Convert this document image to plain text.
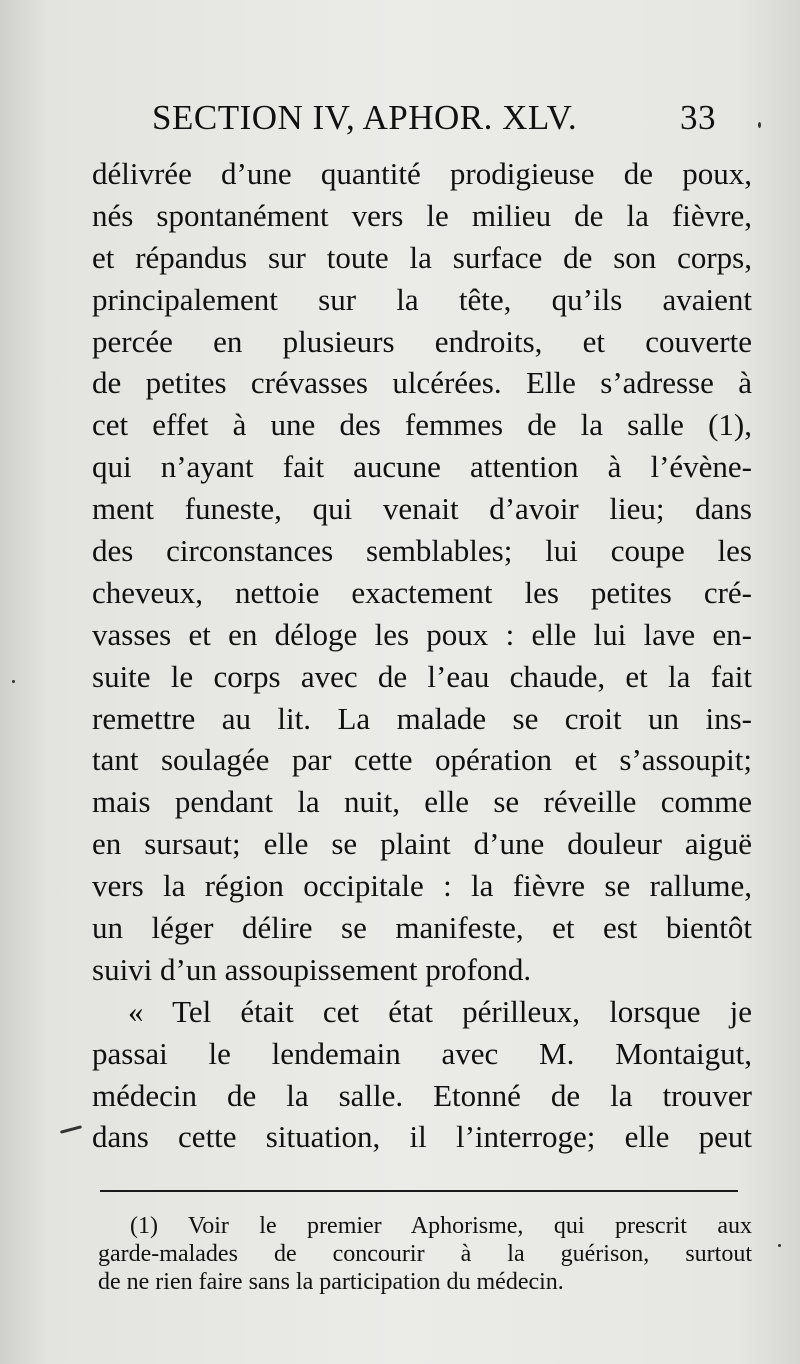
SECTION IV, APHOR. XLV.	33
délivrée d’une quantité prodigieuse de poux,
nés spontanément vers le milieu de la fièvre,
et répandus sur toute la surface de son corps,
principalement sur la tête, qu’ils avaient
percée en plusieurs endroits, et couverte
de petites crévasses ulcérées. Elle s’adresse à
cet effet à une des femmes de la salle (1),
qui n’ayant fait aucune attention à l’évène-
ment funeste, qui venait d’avoir lieu; dans
des circonstances semblables; lui coupe les
cheveux, nettoie exactement les petites cré-
vasses et en déloge les poux : elle lui lave en-
suite le corps avec de l’eau chaude, et la fait
remettre au lit. La malade se croit un ins-
tant soulagée par cette opération et s’assoupit;
mais pendant la nuit, elle se réveille comme
en sursaut; elle se plaint d’une douleur aiguë
vers la région occipitale : la fièvre se rallume,
un léger délire se manifeste, et est bientôt
suivi d’un assoupissement profond.
« Tel était cet état périlleux, lorsque je
passai le lendemain avec M. Montaigut,
médecin de la salle. Etonné de la trouver
dans cette situation, il l’interroge; elle peut
(1) Voir le premier Aphorisme, qui prescrit aux
garde-malades de concourir à la guérison, surtout
de ne rien faire sans la participation du médecin.
